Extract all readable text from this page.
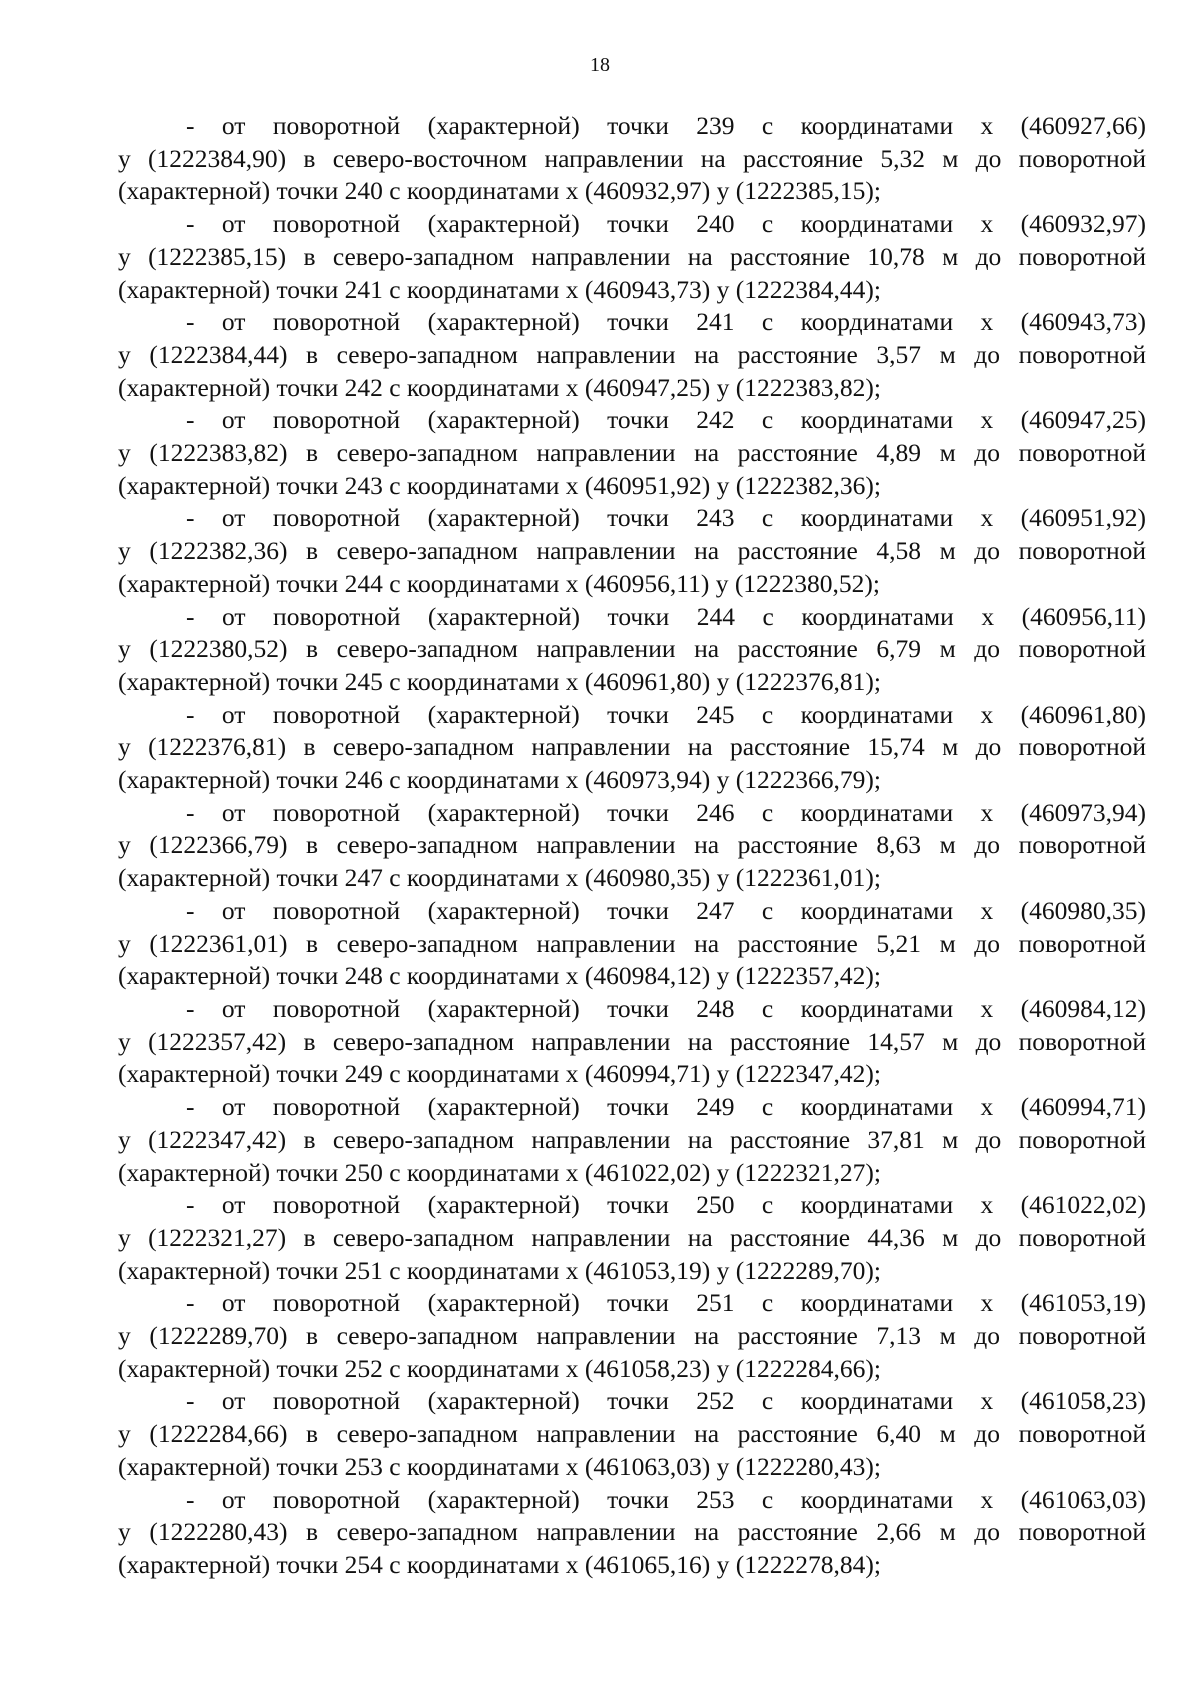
18
- от поворотной (характерной) точки 239 с координатами x (460927,66)
y (1222384,90) в северо-восточном направлении на расстояние 5,32 м до поворотной
(характерной) точки 240 с координатами x (460932,97) y (1222385,15);
- от поворотной (характерной) точки 240 с координатами x (460932,97)
y (1222385,15) в северо-западном направлении на расстояние 10,78 м до поворотной
(характерной) точки 241 с координатами x (460943,73) y (1222384,44);
- от поворотной (характерной) точки 241 с координатами x (460943,73)
y (1222384,44) в северо-западном направлении на расстояние 3,57 м до поворотной
(характерной) точки 242 с координатами x (460947,25) y (1222383,82);
- от поворотной (характерной) точки 242 с координатами x (460947,25)
y (1222383,82) в северо-западном направлении на расстояние 4,89 м до поворотной
(характерной) точки 243 с координатами x (460951,92) y (1222382,36);
- от поворотной (характерной) точки 243 с координатами x (460951,92)
y (1222382,36) в северо-западном направлении на расстояние 4,58 м до поворотной
(характерной) точки 244 с координатами x (460956,11) y (1222380,52);
- от поворотной (характерной) точки 244 с координатами x (460956,11)
y (1222380,52) в северо-западном направлении на расстояние 6,79 м до поворотной
(характерной) точки 245 с координатами x (460961,80) y (1222376,81);
- от поворотной (характерной) точки 245 с координатами x (460961,80)
y (1222376,81) в северо-западном направлении на расстояние 15,74 м до поворотной
(характерной) точки 246 с координатами x (460973,94) y (1222366,79);
- от поворотной (характерной) точки 246 с координатами x (460973,94)
y (1222366,79) в северо-западном направлении на расстояние 8,63 м до поворотной
(характерной) точки 247 с координатами x (460980,35) y (1222361,01);
- от поворотной (характерной) точки 247 с координатами x (460980,35)
y (1222361,01) в северо-западном направлении на расстояние 5,21 м до поворотной
(характерной) точки 248 с координатами x (460984,12) y (1222357,42);
- от поворотной (характерной) точки 248 с координатами x (460984,12)
y (1222357,42) в северо-западном направлении на расстояние 14,57 м до поворотной
(характерной) точки 249 с координатами x (460994,71) y (1222347,42);
- от поворотной (характерной) точки 249 с координатами x (460994,71)
y (1222347,42) в северо-западном направлении на расстояние 37,81 м до поворотной
(характерной) точки 250 с координатами x (461022,02) y (1222321,27);
- от поворотной (характерной) точки 250 с координатами x (461022,02)
y (1222321,27) в северо-западном направлении на расстояние 44,36 м до поворотной
(характерной) точки 251 с координатами x (461053,19) y (1222289,70);
- от поворотной (характерной) точки 251 с координатами x (461053,19)
y (1222289,70) в северо-западном направлении на расстояние 7,13 м до поворотной
(характерной) точки 252 с координатами x (461058,23) y (1222284,66);
- от поворотной (характерной) точки 252 с координатами x (461058,23)
y (1222284,66) в северо-западном направлении на расстояние 6,40 м до поворотной
(характерной) точки 253 с координатами x (461063,03) y (1222280,43);
- от поворотной (характерной) точки 253 с координатами x (461063,03)
y (1222280,43) в северо-западном направлении на расстояние 2,66 м до поворотной
(характерной) точки 254 с координатами x (461065,16) y (1222278,84);
